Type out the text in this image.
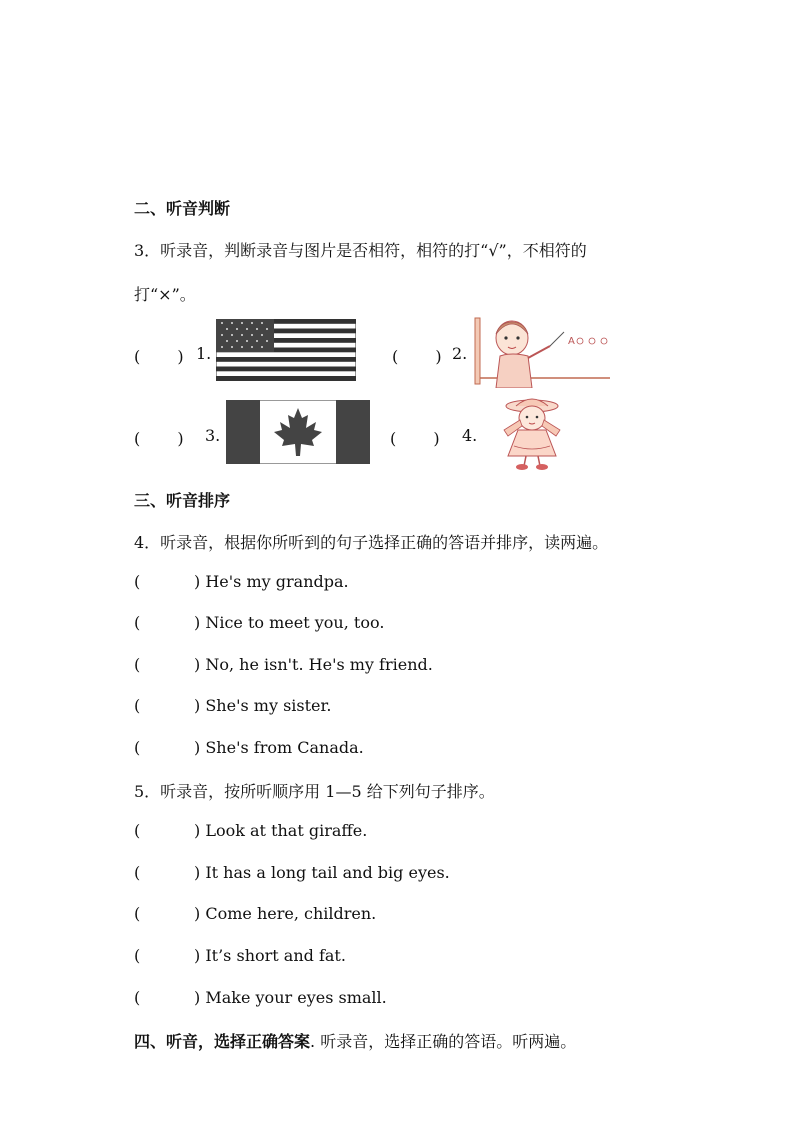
二、听音判断
3．听录音，判断录音与图片是否相符，相符的打“√”，不相符的
打“×”。
(　　 ) 1.	(　　 ) 2.
A
(　　 ) 3.	(　　 ) 4.
三、听音排序
4．听录音，根据你所听到的句子选择正确的答语并排序，读两遍。
(	) He's my grandpa.
(	) Nice to meet you, too.
(	) No, he isn't. He's my friend.
(	) She's my sister.
(	) She's from Canada.
5．听录音，按所听顺序用 1—5 给下列句子排序。
(	) Look at that giraffe.
(	) It has a long tail and big eyes.
(	) Come here, children.
(	) It’s short and fat.
(	) Make your eyes small.
四、听音，选择正确答案. 听录音，选择正确的答语。听两遍。
